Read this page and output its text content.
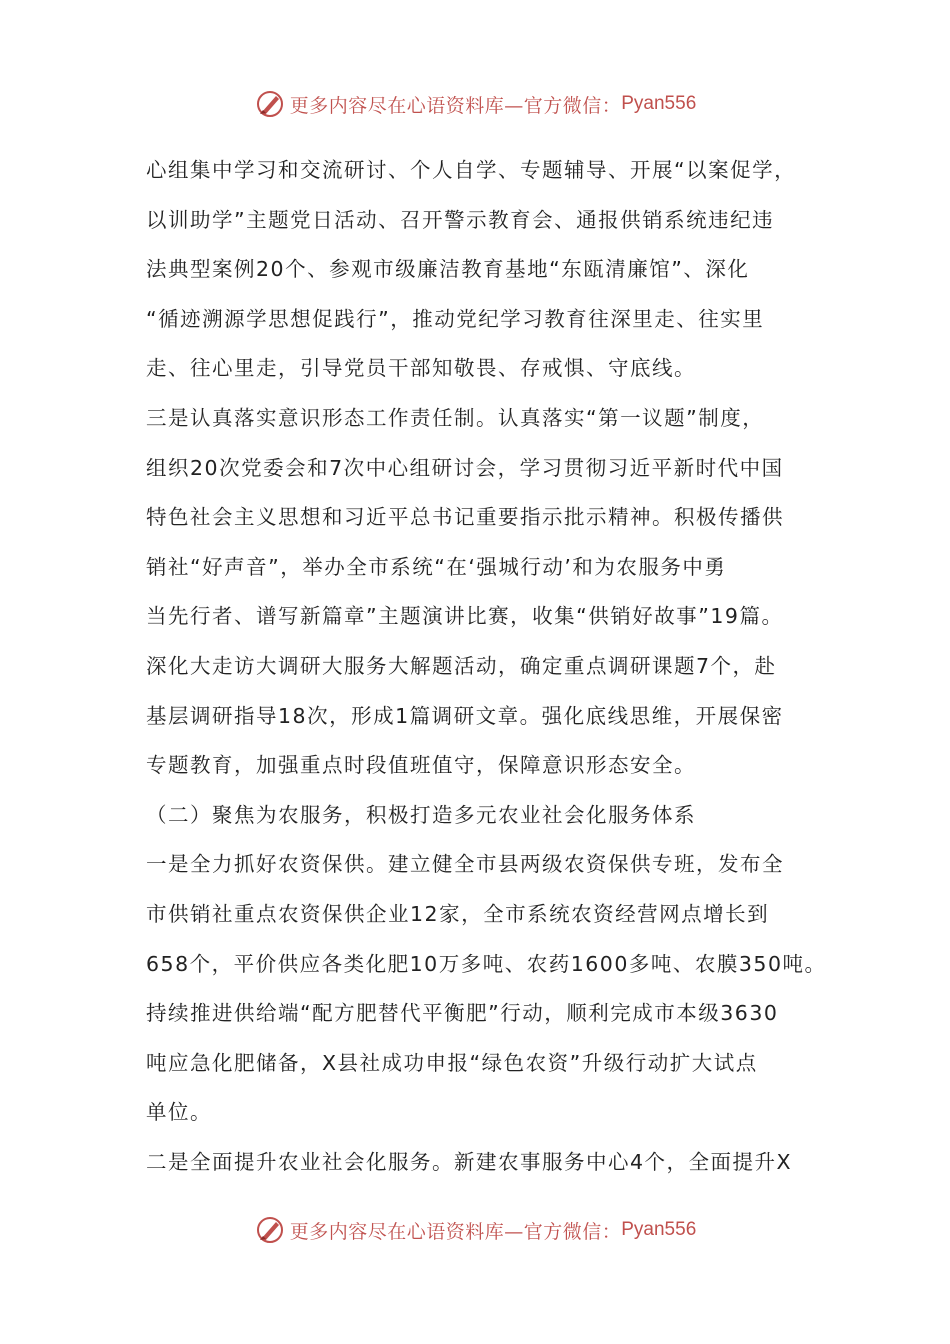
更多内容尽在心语资料库—官方微信： Pyan556
心组集中学习和交流研讨、个人自学、专题辅导、开展“以案促学，
以训助学”主题党日活动、召开警示教育会、通报供销系统违纪违
法典型案例20个、参观市级廉洁教育基地“东瓯清廉馆”、深化
“循迹溯源学思想促践行”，推动党纪学习教育往深里走、往实里
走、往心里走，引导党员干部知敬畏、存戒惧、守底线。
三是认真落实意识形态工作责任制。认真落实“第一议题”制度，
组织20次党委会和7次中心组研讨会，学习贯彻习近平新时代中国
特色社会主义思想和习近平总书记重要指示批示精神。积极传播供
销社“好声音”，举办全市系统“在‘强城行动’和为农服务中勇
当先行者、谱写新篇章”主题演讲比赛，收集“供销好故事”19篇。
深化大走访大调研大服务大解题活动，确定重点调研课题7个，赴
基层调研指导18次，形成1篇调研文章。强化底线思维，开展保密
专题教育，加强重点时段值班值守，保障意识形态安全。
（二）聚焦为农服务，积极打造多元农业社会化服务体系
一是全力抓好农资保供。建立健全市县两级农资保供专班，发布全
市供销社重点农资保供企业12家，全市系统农资经营网点增长到
658个，平价供应各类化肥10万多吨、农药1600多吨、农膜350吨。
持续推进供给端“配方肥替代平衡肥”行动，顺利完成市本级3630
吨应急化肥储备，X县社成功申报“绿色农资”升级行动扩大试点
单位。
二是全面提升农业社会化服务。新建农事服务中心4个，全面提升X
更多内容尽在心语资料库—官方微信： Pyan556
